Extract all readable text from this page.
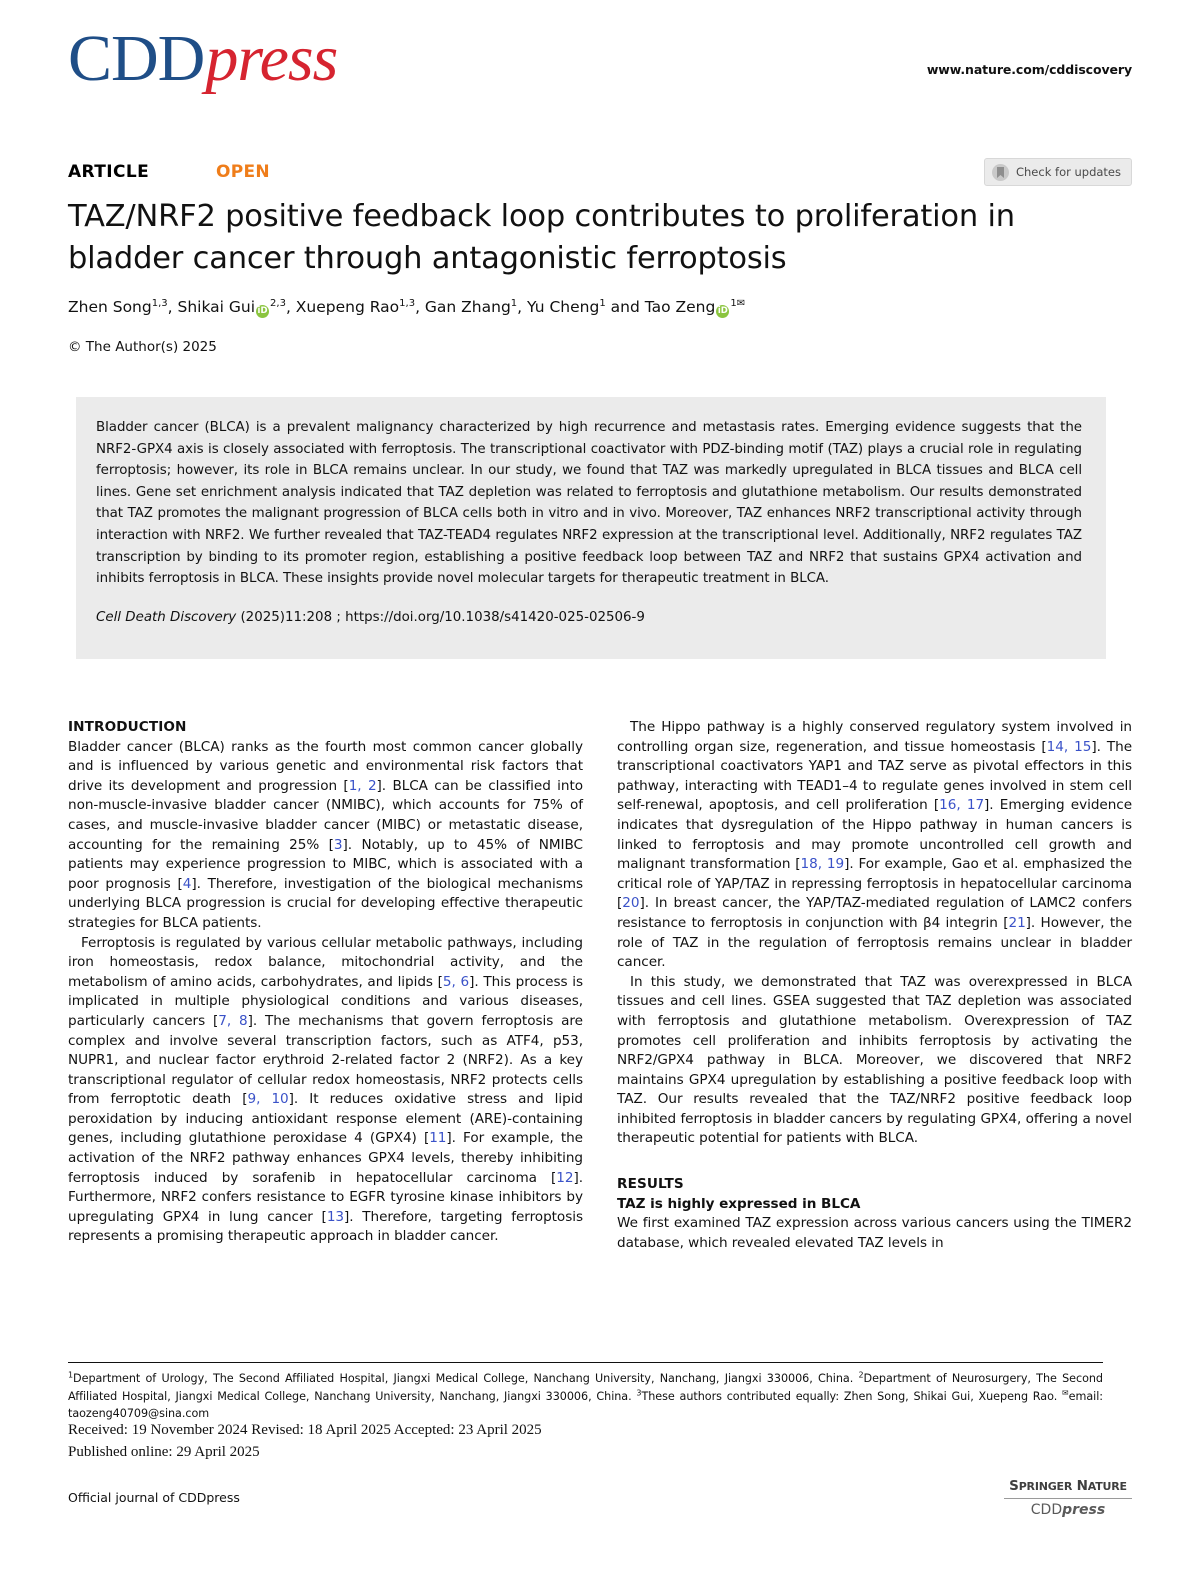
CDDpress	www.nature.com/cddiscovery
ARTICLE	OPEN	Check for updates
TAZ/NRF2 positive feedback loop contributes to proliferation in bladder cancer through antagonistic ferroptosis
Zhen Song$^{1,3}$, Shikai Gui iD$^{2,3}$, Xuepeng Rao$^{1,3}$, Gan Zhang$^1$, Yu Cheng$^1$ and Tao Zeng $iD^{1✉}$
© The Author(s) 2025
Bladder cancer (BLCA) is a prevalent malignancy characterized by high recurrence and metastasis rates. Emerging evidence suggests that the NRF2-GPX4 axis is closely associated with ferroptosis. The transcriptional coactivator with PDZ-binding motif (TAZ) plays a crucial role in regulating ferroptosis; however, its role in BLCA remains unclear. In our study, we found that TAZ was markedly upregulated in BLCA tissues and BLCA cell lines. Gene set enrichment analysis indicated that TAZ depletion was related to ferroptosis and glutathione metabolism. Our results demonstrated that TAZ promotes the malignant progression of BLCA cells both in vitro and in vivo. Moreover, TAZ enhances NRF2 transcriptional activity through interaction with NRF2. We further revealed that TAZ-TEAD4 regulates NRF2 expression at the transcriptional level. Additionally, NRF2 regulates TAZ transcription by binding to its promoter region, establishing a positive feedback loop between TAZ and NRF2 that sustains GPX4 activation and inhibits ferroptosis in BLCA. These insights provide novel molecular targets for therapeutic treatment in BLCA.
Cell Death Discovery (2025)11:208 ; https://doi.org/10.1038/s41420-025-02506-9
INTRODUCTION
Bladder cancer (BLCA) ranks as the fourth most common cancer globally and is influenced by various genetic and environmental risk factors that drive its development and progression [1, 2]. BLCA can be classified into non-muscle-invasive bladder cancer (NMIBC), which accounts for 75% of cases, and muscle-invasive bladder cancer (MIBC) or metastatic disease, accounting for the remaining 25% [3]. Notably, up to 45% of NMIBC patients may experience progression to MIBC, which is associated with a poor prognosis [4]. Therefore, investigation of the biological mechanisms underlying BLCA progression is crucial for developing effective therapeutic strategies for BLCA patients.
Ferroptosis is regulated by various cellular metabolic pathways, including iron homeostasis, redox balance, mitochondrial activity, and the metabolism of amino acids, carbohydrates, and lipids [5, 6]. This process is implicated in multiple physiological conditions and various diseases, particularly cancers [7, 8]. The mechanisms that govern ferroptosis are complex and involve several transcription factors, such as ATF4, p53, NUPR1, and nuclear factor erythroid 2-related factor 2 (NRF2). As a key transcriptional regulator of cellular redox homeostasis, NRF2 protects cells from ferroptotic death [9, 10]. It reduces oxidative stress and lipid peroxidation by inducing antioxidant response element (ARE)-containing genes, including glutathione peroxidase 4 (GPX4) [11]. For example, the activation of the NRF2 pathway enhances GPX4 levels, thereby inhibiting ferroptosis induced by sorafenib in hepatocellular carcinoma [12]. Furthermore, NRF2 confers resistance to EGFR tyrosine kinase inhibitors by upregulating GPX4 in lung cancer [13]. Therefore, targeting ferroptosis represents a promising therapeutic approach in bladder cancer.
The Hippo pathway is a highly conserved regulatory system involved in controlling organ size, regeneration, and tissue homeostasis [14, 15]. The transcriptional coactivators YAP1 and TAZ serve as pivotal effectors in this pathway, interacting with TEAD1–4 to regulate genes involved in stem cell self-renewal, apoptosis, and cell proliferation [16, 17]. Emerging evidence indicates that dysregulation of the Hippo pathway in human cancers is linked to ferroptosis and may promote uncontrolled cell growth and malignant transformation [18, 19]. For example, Gao et al. emphasized the critical role of YAP/TAZ in repressing ferroptosis in hepatocellular carcinoma [20]. In breast cancer, the YAP/TAZ-mediated regulation of LAMC2 confers resistance to ferroptosis in conjunction with β4 integrin [21]. However, the role of TAZ in the regulation of ferroptosis remains unclear in bladder cancer.
In this study, we demonstrated that TAZ was overexpressed in BLCA tissues and cell lines. GSEA suggested that TAZ depletion was associated with ferroptosis and glutathione metabolism. Overexpression of TAZ promotes cell proliferation and inhibits ferroptosis by activating the NRF2/GPX4 pathway in BLCA. Moreover, we discovered that NRF2 maintains GPX4 upregulation by establishing a positive feedback loop with TAZ. Our results revealed that the TAZ/NRF2 positive feedback loop inhibited ferroptosis in bladder cancers by regulating GPX4, offering a novel therapeutic potential for patients with BLCA.
RESULTS
TAZ is highly expressed in BLCA
We first examined TAZ expression across various cancers using the TIMER2 database, which revealed elevated TAZ levels in
$^1$Department of Urology, The Second Affiliated Hospital, Jiangxi Medical College, Nanchang University, Nanchang, Jiangxi 330006, China. $^2$Department of Neurosurgery, The Second Affiliated Hospital, Jiangxi Medical College, Nanchang University, Nanchang, Jiangxi 330006, China. $^3$These authors contributed equally: Zhen Song, Shikai Gui, Xuepeng Rao. ✉email: taozeng40709@sina.com
Received: 19 November 2024 Revised: 18 April 2025 Accepted: 23 April 2025
Published online: 29 April 2025
Official journal of CDDpress
SPRINGER NATURE
CDDpress
